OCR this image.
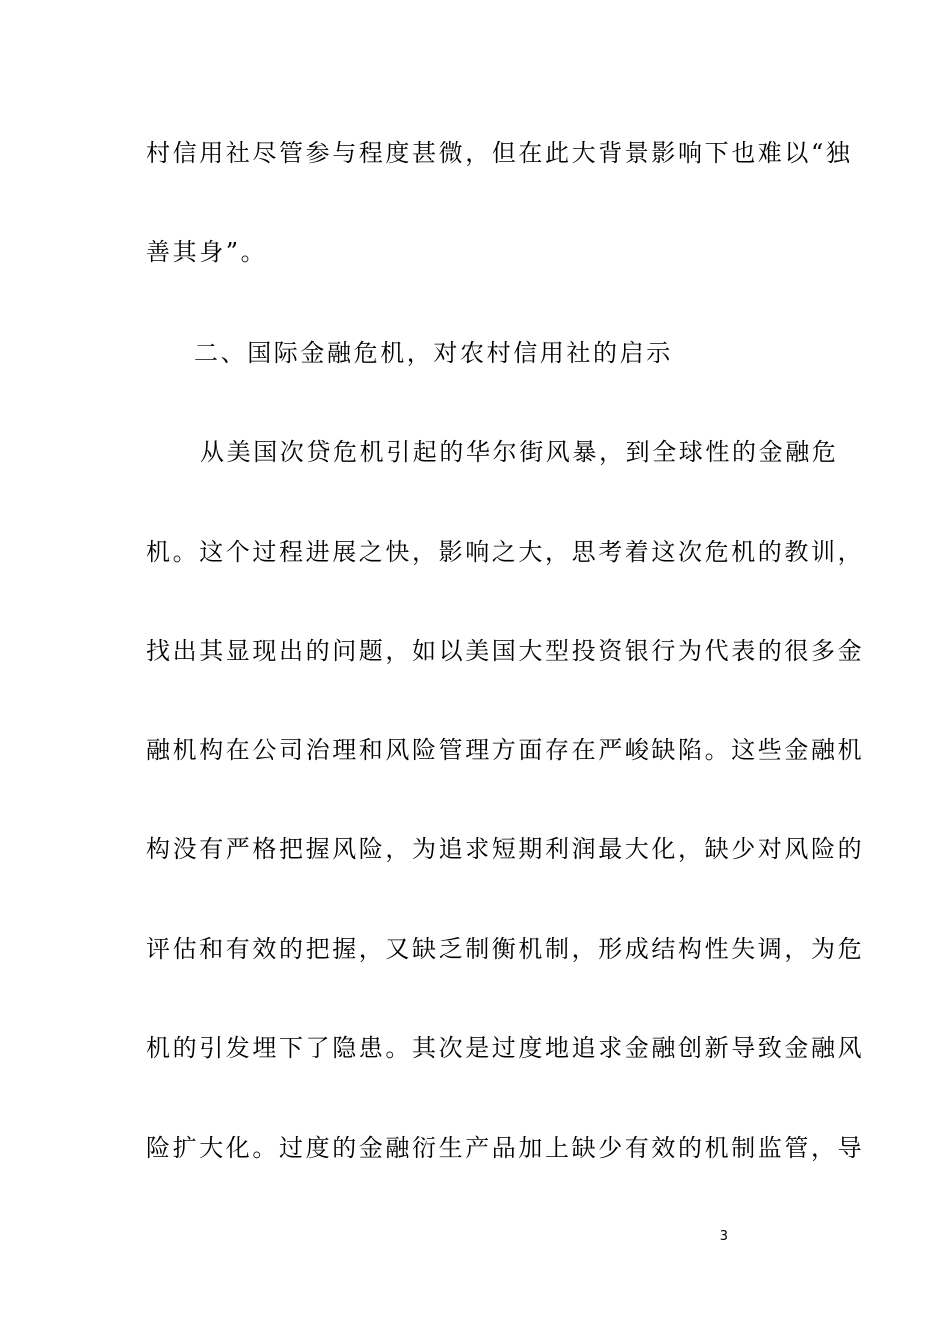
村信用社尽管参与程度甚微，但在此大背景影响下也难以“独
善其身”。
二、国际金融危机，对农村信用社的启示
从美国次贷危机引起的华尔街风暴，到全球性的金融危
机。这个过程进展之快，影响之大，思考着这次危机的教训，
找出其显现出的问题，如以美国大型投资银行为代表的很多金
融机构在公司治理和风险管理方面存在严峻缺陷。这些金融机
构没有严格把握风险，为追求短期利润最大化，缺少对风险的
评估和有效的把握，又缺乏制衡机制，形成结构性失调，为危
机的引发埋下了隐患。其次是过度地追求金融创新导致金融风
险扩大化。过度的金融衍生产品加上缺少有效的机制监管，导
3
